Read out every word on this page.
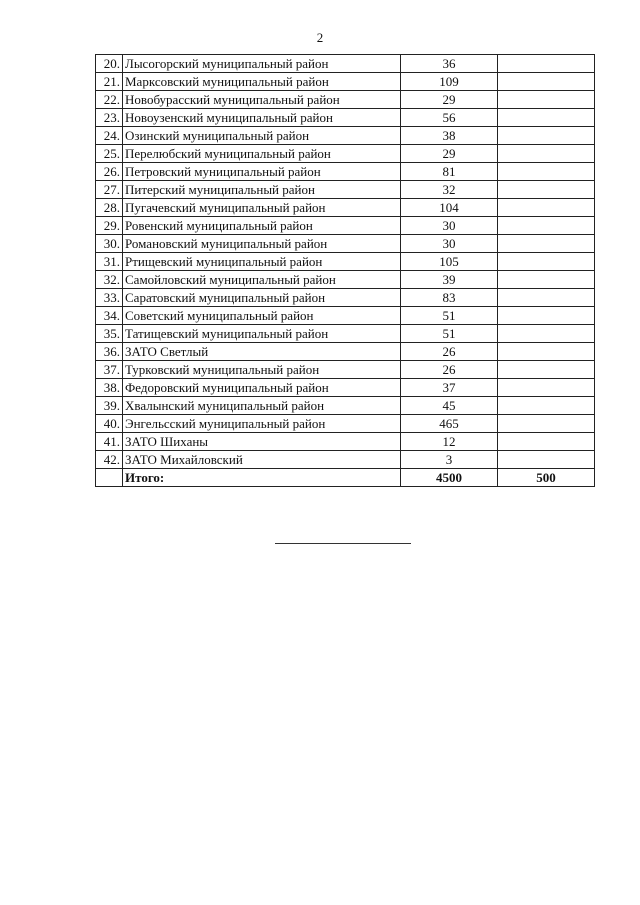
2
20.	Лысогорский муниципальный район	36	
21.	Марксовский муниципальный район	109	
22.	Новобурасский муниципальный район	29	
23.	Новоузенский муниципальный район	56	
24.	Озинский муниципальный район	38	
25.	Перелюбский муниципальный район	29	
26.	Петровский муниципальный район	81	
27.	Питерский муниципальный район	32	
28.	Пугачевский муниципальный район	104	
29.	Ровенский муниципальный район	30	
30.	Романовский муниципальный район	30	
31.	Ртищевский муниципальный район	105	
32.	Самойловский муниципальный район	39	
33.	Саратовский муниципальный район	83	
34.	Советский муниципальный район	51	
35.	Татищевский муниципальный район	51	
36.	ЗАТО Светлый	26	
37.	Турковский муниципальный район	26	
38.	Федоровский муниципальный район	37	
39.	Хвалынский муниципальный район	45	
40.	Энгельсский муниципальный район	465	
41.	ЗАТО Шиханы	12	
42.	ЗАТО Михайловский	3	
	Итого:	4500	500
